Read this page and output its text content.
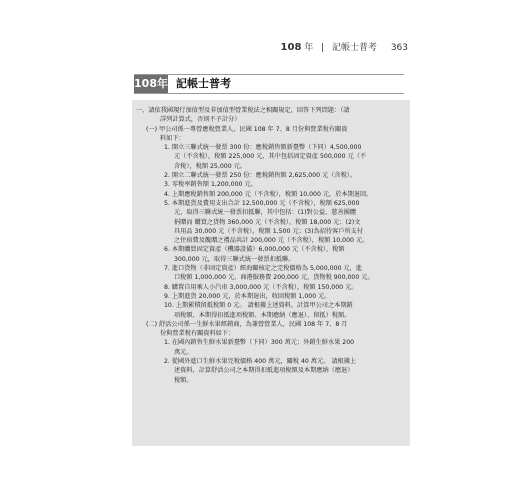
108 年 記帳士普考 363
108年 記帳士普考
一、請依我國現行加值型及非加值型營業稅法之相關規定，回答下列問題：（請
詳列計算式，否則不予計分）
(一) 甲公司係一專營應稅營業人，民國 108 年 7、8 月份與營業稅有關資
料如下：
1. 開立三聯式統一發票 300 份：應稅銷售額新臺幣（下同）4,500,000
元（不含稅），稅額 225,000 元，其中包括固定資產 500,000 元（不
含稅），稅額 25,000 元。
2. 開立二聯式統一發票 250 份：應稅銷售額 2,625,000 元（含稅）。
3. 零稅率銷售額 1,200,000 元。
4. 上期應稅銷售額 200,000 元（不含稅），稅額 10,000 元，於本期退回。
5. 本期進貨及費用支出合計 12,500,000 元（不含稅），稅額 625,000
元，取得三聯式統一發票扣抵聯，其中包括：(1)對公益、慈善團體
捐贈而 購買之貨物 360,000 元（不含稅），稅額 18,000 元；(2)文
具用品 30,000 元（不含稅），稅額 1,500 元；(3)為招待客戶所支付
之住宿費及餽贈之禮品共計 200,000 元（不含稅），稅額 10,000 元。
6. 本期購買固定資產（機器設備）6,000,000 元（不含稅），稅額
300,000 元，取得三聯式統一發票扣抵聯。
7. 進口貨物（非固定資產）經海關核定之完稅價格為 5,000,000 元，進
口稅額 1,000,000 元，商港服務費 200,000 元，貨物稅 900,000 元。
8. 購置自用乘人小汽車 3,000,000 元（不含稅），稅額 150,000 元。
9. 上期進貨 20,000 元，於本期退出，收回稅額 1,000 元。
10. 上期累積留抵稅額 0 元。 請根據上述資料，計算甲公司之本期銷
項稅額、本期得扣抵進項稅額、本期應納（應退）、留抵）稅額。
(二) 舒活公司係一生鮮水果經銷商，為兼營營業人，民國 108 年 7、8 月
份與營業稅有關資料如下：
1. 在國內銷售生鮮水果新臺幣（下同）300 萬元；外銷生鮮水果 200
萬元。
2. 從國外進口生鮮水果完稅價格 400 萬元，關稅 40 萬元。 請根據上
述資料，計算舒活公司之本期得扣抵進項稅額及本期應納（應退）
稅額。
